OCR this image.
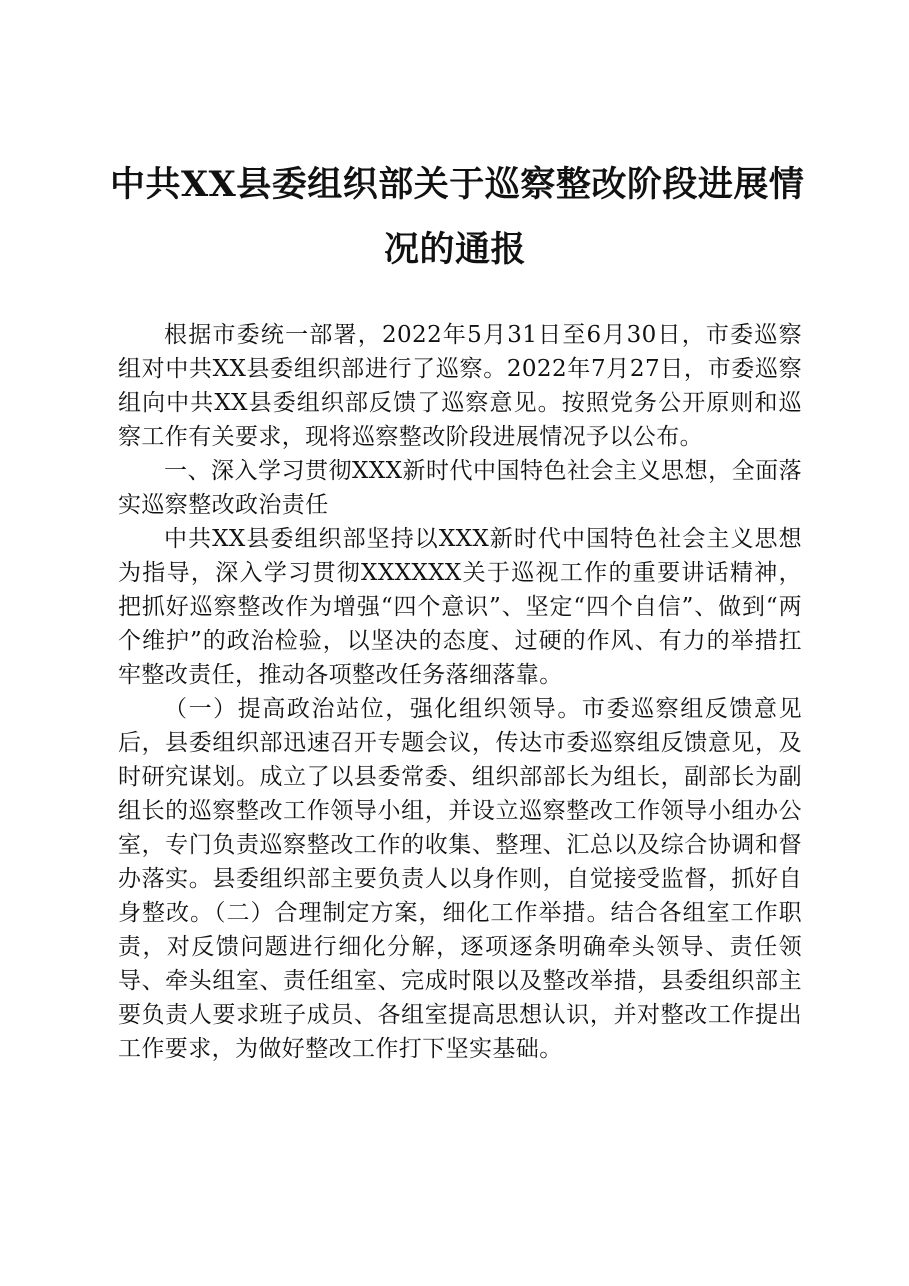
中共XX县委组织部关于巡察整改阶段进展情
况的通报

根据市委统一部署，2022年5月31日至6月30日，市委巡察组对中共XX县委组织部进行了巡察。2022年7月27日，市委巡察组向中共XX县委组织部反馈了巡察意见。按照党务公开原则和巡察工作有关要求，现将巡察整改阶段进展情况予以公布。

一、深入学习贯彻XXX新时代中国特色社会主义思想，全面落实巡察整改政治责任

中共XX县委组织部坚持以XXX新时代中国特色社会主义思想为指导，深入学习贯彻XXXXXX关于巡视工作的重要讲话精神，把抓好巡察整改作为增强“四个意识”、坚定“四个自信”、做到“两个维护”的政治检验，以坚决的态度、过硬的作风、有力的举措扛牢整改责任，推动各项整改任务落细落靠。

（一）提高政治站位，强化组织领导。市委巡察组反馈意见后，县委组织部迅速召开专题会议，传达市委巡察组反馈意见，及时研究谋划。成立了以县委常委、组织部部长为组长，副部长为副组长的巡察整改工作领导小组，并设立巡察整改工作领导小组办公室，专门负责巡察整改工作的收集、整理、汇总以及综合协调和督办落实。县委组织部主要负责人以身作则，自觉接受监督，抓好自身整改。（二）合理制定方案，细化工作举措。结合各组室工作职责，对反馈问题进行细化分解，逐项逐条明确牵头领导、责任领导、牵头组室、责任组室、完成时限以及整改举措，县委组织部主要负责人要求班子成员、各组室提高思想认识，并对整改工作提出工作要求，为做好整改工作打下坚实基础。
